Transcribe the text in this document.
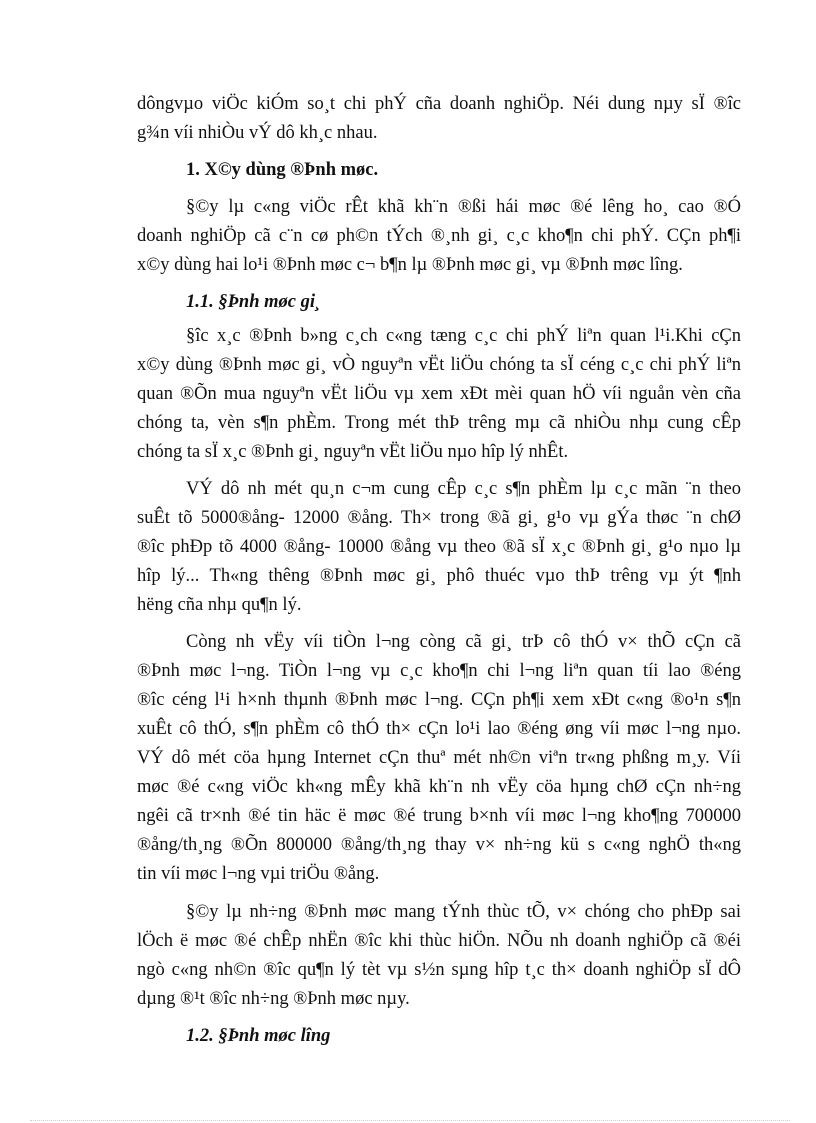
dôngvµo viÖc kiÓm so¸t chi phÝ cña doanh nghiÖp. Néi dung nµy sÏ ®îc
g¾n víi nhiÒu vÝ dô kh¸c nhau.
1. X©y dùng ®Þnh møc.
§©y lµ c«ng viÖc rÊt khã kh¨n ®ßi hái møc ®é lêng ho¸ cao ®Ó
doanh nghiÖp cã c¨n cø ph©n tÝch ®¸nh gi¸ c¸c kho¶n chi phÝ. CÇn ph¶i
x©y dùng hai lo¹i ®Þnh møc c¬ b¶n lµ ®Þnh møc gi¸ vµ ®Þnh møc lîng.
1.1. §Þnh møc gi¸
§îc x¸c ®Þnh b»ng c¸ch c«ng tæng c¸c chi phÝ liªn quan l¹i.Khi cÇn
x©y dùng ®Þnh møc gi¸ vÒ nguyªn vËt liÖu chóng ta sÏ céng c¸c chi phÝ liªn
quan ®Õn mua nguyªn vËt liÖu vµ xem xÐt mèi quan hÖ víi nguån vèn cña
chóng ta, vèn s¶n phÈm. Trong mét thÞ trêng mµ cã nhiÒu nhµ cung cÊp
chóng ta sÏ x¸c ®Þnh gi¸ nguyªn vËt liÖu nµo hîp lý nhÊt.
VÝ dô nh mét qu¸n c¬m cung cÊp c¸c s¶n phÈm lµ c¸c mãn ¨n theo
suÊt tõ 5000®ång- 12000 ®ång. Th× trong ®ã gi¸ g¹o vµ gÝa thøc ¨n chØ
®îc phÐp tõ 4000 ®ång- 10000 ®ång vµ theo ®ã sÏ x¸c ®Þnh gi¸ g¹o nµo lµ
hîp lý... Th«ng thêng ®Þnh møc gi¸ phô thuéc vµo thÞ trêng vµ ýt ¶nh
hëng cña nhµ qu¶n lý.
Còng nh vËy víi tiÒn l¬ng còng cã gi¸ trÞ cô thÓ v× thÕ cÇn cã
®Þnh møc l¬ng. TiÒn l¬ng vµ c¸c kho¶n chi l¬ng liªn quan tíi lao ®éng
®îc céng l¹i h×nh thµnh ®Þnh møc l¬ng. CÇn ph¶i xem xÐt c«ng ®o¹n s¶n
xuÊt cô thÓ, s¶n phÈm cô thÓ th× cÇn lo¹i lao ®éng øng víi møc l¬ng nµo.
VÝ dô mét cöa hµng Internet cÇn thuª mét nh©n viªn tr«ng phßng m¸y. Víi
møc ®é c«ng viÖc kh«ng mÊy khã kh¨n nh vËy cöa hµng chØ cÇn nh÷ng
ngêi cã tr×nh ®é tin häc ë møc ®é trung b×nh víi møc l¬ng kho¶ng 700000
®ång/th¸ng ®Õn 800000 ®ång/th¸ng thay v× nh÷ng kü s c«ng nghÖ th«ng
tin víi møc l¬ng vµi triÖu ®ång.
§©y lµ nh÷ng ®Þnh møc mang tÝnh thùc tÕ, v× chóng cho phÐp sai
lÖch ë møc ®é chÊp nhËn ®îc khi thùc hiÖn. NÕu nh doanh nghiÖp cã ®éi
ngò c«ng nh©n ®îc qu¶n lý tèt vµ s½n sµng hîp t¸c th× doanh nghiÖp sÏ dÔ
dµng ®¹t ®îc nh÷ng ®Þnh møc nµy.
1.2. §Þnh møc lîng
